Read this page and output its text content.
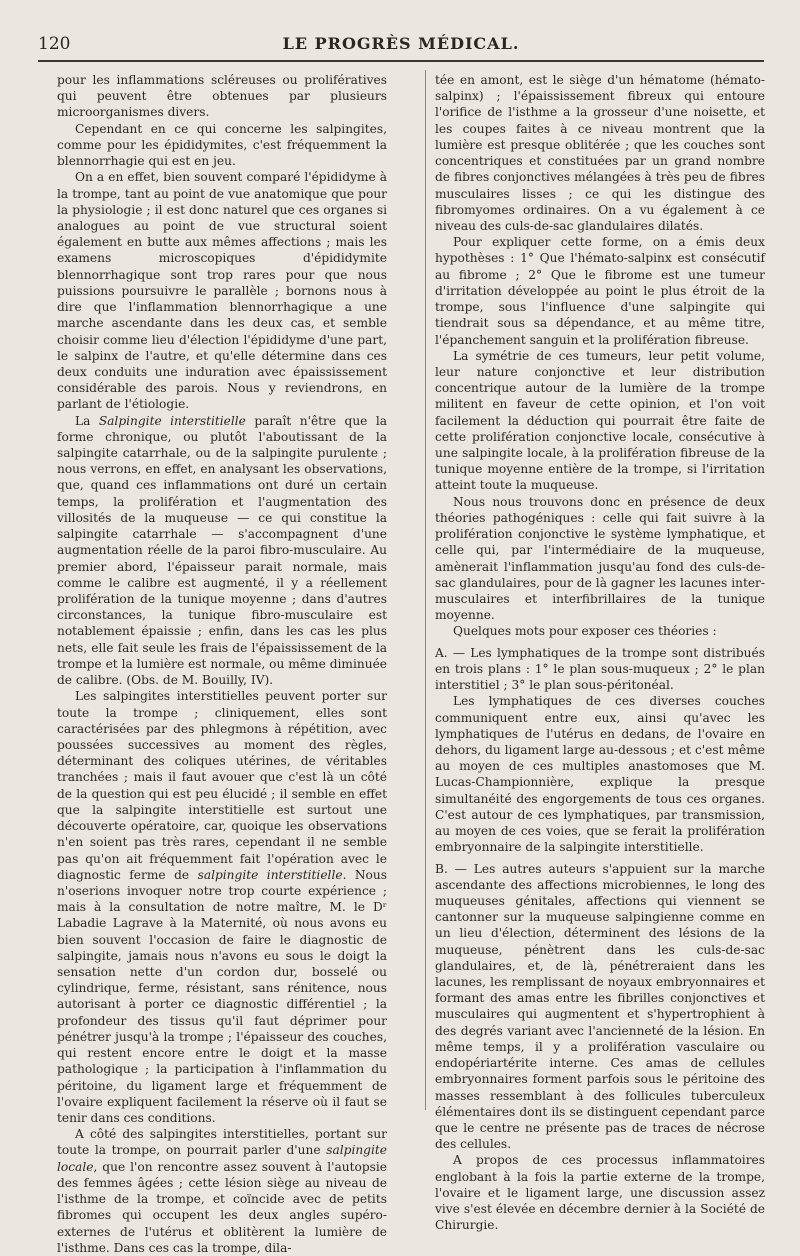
120	LE PROGRÈS MÉDICAL.

pour les inflammations scléreuses ou prolifératives qui peuvent être obtenues par plusieurs microorganismes divers.

Cependant en ce qui concerne les salpingites, comme pour les épididymites, c'est fréquemment la blennorrhagie qui est en jeu.

On a en effet, bien souvent comparé l'épididyme à la trompe, tant au point de vue anatomique que pour la physiologie ; il est donc naturel que ces organes si analogues au point de vue structural soient également en butte aux mêmes affections ; mais les examens microscopiques d'épididymite blennorrhagique sont trop rares pour que nous puissions poursuivre le parallèle ; bornons nous à dire que l'inflammation blennorrhagique a une marche ascendante dans les deux cas, et semble choisir comme lieu d'élection l'épididyme d'une part, le salpinx de l'autre, et qu'elle détermine dans ces deux conduits une induration avec épaississement considérable des parois. Nous y reviendrons, en parlant de l'étiologie.

La Salpingite interstitielle paraît n'être que la forme chronique, ou plutôt l'aboutissant de la salpingite catarrhale, ou de la salpingite purulente ; nous verrons, en effet, en analysant les observations, que, quand ces inflammations ont duré un certain temps, la prolifération et l'augmentation des villosités de la muqueuse — ce qui constitue la salpingite catarrhale — s'accompagnent d'une augmentation réelle de la paroi fibro-musculaire. Au premier abord, l'épaisseur parait normale, mais comme le calibre est augmenté, il y a réellement prolifération de la tunique moyenne ; dans d'autres circonstances, la tunique fibro-musculaire est notablement épaissie ; enfin, dans les cas les plus nets, elle fait seule les frais de l'épaississement de la trompe et la lumière est normale, ou même diminuée de calibre. (Obs. de M. Bouilly, IV).

Les salpingites interstitielles peuvent porter sur toute la trompe ; cliniquement, elles sont caractérisées par des phlegmons à répétition, avec poussées successives au moment des règles, déterminant des coliques utérines, de véritables tranchées ; mais il faut avouer que c'est là un côté de la question qui est peu élucidé ; il semble en effet que la salpingite interstitielle est surtout une découverte opératoire, car, quoique les observations n'en soient pas très rares, cependant il ne semble pas qu'on ait fréquemment fait l'opération avec le diagnostic ferme de salpingite interstitielle. Nous n'oserions invoquer notre trop courte expérience ; mais à la consultation de notre maître, M. le Dʳ Labadie Lagrave à la Maternité, où nous avons eu bien souvent l'occasion de faire le diagnostic de salpingite, jamais nous n'avons eu sous le doigt la sensation nette d'un cordon dur, bosselé ou cylindrique, ferme, résistant, sans rénitence, nous autorisant à porter ce diagnostic différentiel ; la profondeur des tissus qu'il faut déprimer pour pénétrer jusqu'à la trompe ; l'épaisseur des couches, qui restent encore entre le doigt et la masse pathologique ; la participation à l'inflammation du péritoine, du ligament large et fréquemment de l'ovaire expliquent facilement la réserve où il faut se tenir dans ces conditions.

A côté des salpingites interstitielles, portant sur toute la trompe, on pourrait parler d'une salpingite locale, que l'on rencontre assez souvent à l'autopsie des femmes âgées ; cette lésion siège au niveau de l'isthme de la trompe, et coïncide avec de petits fibromes qui occupent les deux angles supéro-externes de l'utérus et oblitèrent la lumière de l'isthme. Dans ces cas la trompe, dila-

tée en amont, est le siège d'un hématome (hémato-salpinx) ; l'épaississement fibreux qui entoure l'orifice de l'isthme a la grosseur d'une noisette, et les coupes faites à ce niveau montrent que la lumière est presque oblitérée ; que les couches sont concentriques et constituées par un grand nombre de fibres conjonctives mélangées à très peu de fibres musculaires lisses ; ce qui les distingue des fibromyomes ordinaires. On a vu également à ce niveau des culs-de-sac glandulaires dilatés.

Pour expliquer cette forme, on a émis deux hypothèses : 1° Que l'hémato-salpinx est consécutif au fibrome ; 2° Que le fibrome est une tumeur d'irritation développée au point le plus étroit de la trompe, sous l'influence d'une salpingite qui tiendrait sous sa dépendance, et au même titre, l'épanchement sanguin et la prolifération fibreuse.

La symétrie de ces tumeurs, leur petit volume, leur nature conjonctive et leur distribution concentrique autour de la lumière de la trompe militent en faveur de cette opinion, et l'on voit facilement la déduction qui pourrait être faite de cette prolifération conjonctive locale, consécutive à une salpingite locale, à la prolifération fibreuse de la tunique moyenne entière de la trompe, si l'irritation atteint toute la muqueuse.

Nous nous trouvons donc en présence de deux théories pathogéniques : celle qui fait suivre à la prolifération conjonctive le système lymphatique, et celle qui, par l'intermédiaire de la muqueuse, amènerait l'inflammation jusqu'au fond des culs-de-sac glandulaires, pour de là gagner les lacunes inter-musculaires et interfibrillaires de la tunique moyenne.

Quelques mots pour exposer ces théories :

A. — Les lymphatiques de la trompe sont distribués en trois plans : 1° le plan sous-muqueux ; 2° le plan interstitiel ; 3° le plan sous-péritonéal.

Les lymphatiques de ces diverses couches communiquent entre eux, ainsi qu'avec les lymphatiques de l'utérus en dedans, de l'ovaire en dehors, du ligament large au-dessous ; et c'est même au moyen de ces multiples anastomoses que M. Lucas-Championnière, explique la presque simultanéité des engorgements de tous ces organes. C'est autour de ces lymphatiques, par transmission, au moyen de ces voies, que se ferait la prolifération embryonnaire de la salpingite interstitielle.

B. — Les autres auteurs s'appuient sur la marche ascendante des affections microbiennes, le long des muqueuses génitales, affections qui viennent se cantonner sur la muqueuse salpingienne comme en un lieu d'élection, déterminent des lésions de la muqueuse, pénètrent dans les culs-de-sac glandulaires, et, de là, pénétreraient dans les lacunes, les remplissant de noyaux embryonnaires et formant des amas entre les fibrilles conjonctives et musculaires qui augmentent et s'hypertrophient à des degrés variant avec l'ancienneté de la lésion. En même temps, il y a prolifération vasculaire ou endopériartérite interne. Ces amas de cellules embryonnaires forment parfois sous le péritoine des masses ressemblant à des follicules tuberculeux élémentaires dont ils se distinguent cependant parce que le centre ne présente pas de traces de nécrose des cellules.

A propos de ces processus inflammatoires englobant à la fois la partie externe de la trompe, l'ovaire et le ligament large, une discussion assez vive s'est élevée en décembre dernier à la Société de Chirurgie.
